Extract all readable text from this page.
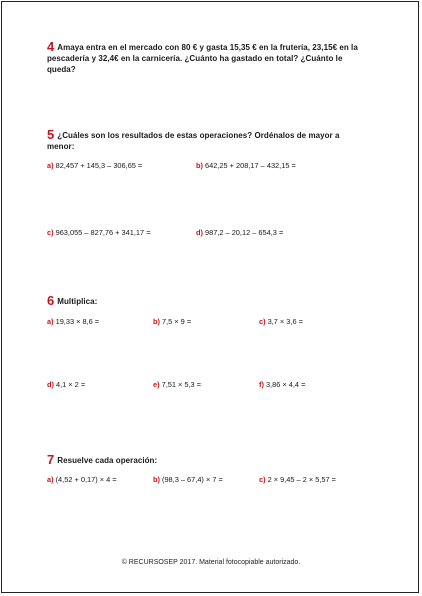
4 Amaya entra en el mercado con 80 € y gasta 15,35 € en la frutería, 23,15€ en la pescadería y 32,4€ en la carnicería. ¿Cuánto ha gastado en total? ¿Cuánto le queda?
5 ¿Cuáles son los resultados de estas operaciones? Ordénalos de mayor a menor:
a) 82,457 + 145,3 – 306,65 =	b) 642,25 + 208,17 – 432,15 =
c) 963,055 – 827,76 + 341,17 =	d) 987,2 – 20,12 – 654,3 =
6 Multiplica:
a) 19,33 × 8,6 =	b) 7,5 × 9 =	c) 3,7 × 3,6 =
d) 4,1 × 2 =	e) 7,51 × 5,3 =	f) 3,86 × 4,4 =
7 Resuelve cada operación:
a) (4,52 + 0,17) × 4 =	b) (98,3 – 67,4) × 7 =	c) 2 × 9,45 – 2 × 5,57 =
© RECURSOSEP 2017. Material fotocopiable autorizado.
